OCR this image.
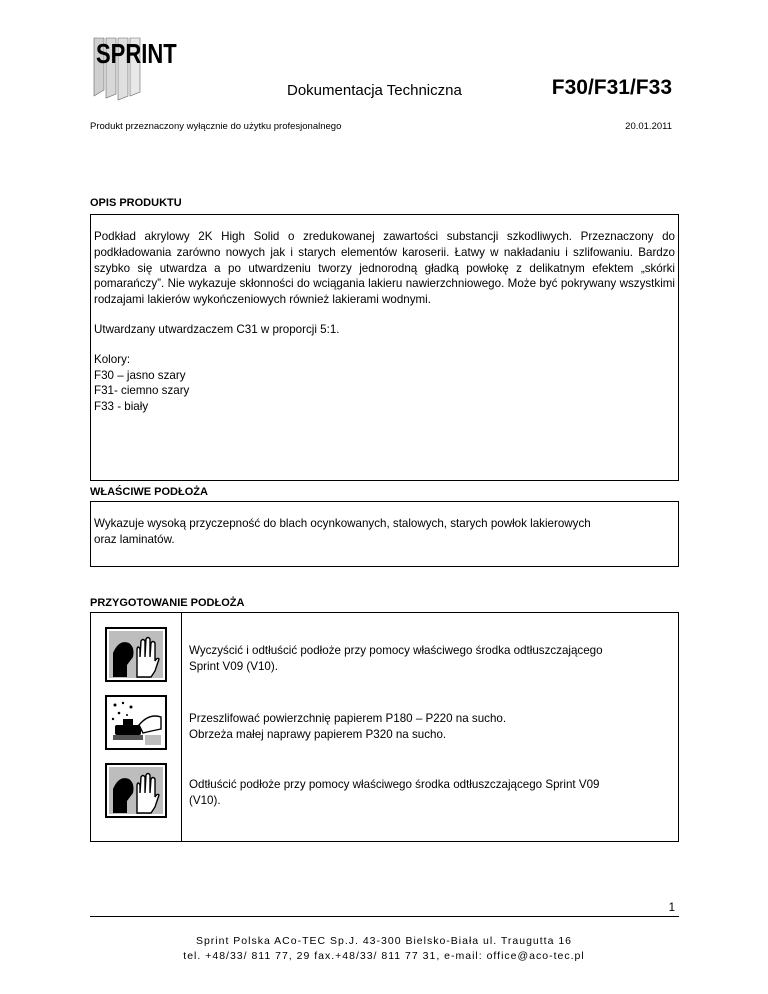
SPRINT
Dokumentacja Techniczna	F30/F31/F33
Produkt przeznaczony wyłącznie do użytku profesjonalnego	20.01.2011
OPIS PRODUKTU

Podkład akrylowy 2K High Solid o zredukowanej zawartości substancji szkodliwych. Przeznaczony do podkładowania zarówno nowych jak i starych elementów karoserii. Łatwy w nakładaniu i szlifowaniu. Bardzo szybko się utwardza a po utwardzeniu tworzy jednorodną gładką powłokę z delikatnym efektem „skórki pomarańczy”. Nie wykazuje skłonności do wciągania lakieru nawierzchniowego. Może być pokrywany wszystkimi rodzajami lakierów wykończeniowych również lakierami wodnymi.

Utwardzany utwardzaczem C31 w proporcji 5:1.

Kolory:

F30 – jasno szary

F31- ciemno szary

F33 - biały

WŁAŚCIWE PODŁOŻA

Wykazuje wysoką przyczepność do blach ocynkowanych, stalowych, starych powłok lakierowych

oraz laminatów.

PRZYGOTOWANIE PODŁOŻA

Wyczyścić i odtłuścić podłoże przy pomocy właściwego środka odtłuszczającego

Sprint V09 (V10).

Przeszlifować powierzchnię papierem P180 – P220 na sucho.

Obrzeża małej naprawy papierem P320 na sucho.

Odtłuścić podłoże przy pomocy właściwego środka odtłuszczającego Sprint V09

(V10).

1
Sprint Polska ACo-TEC Sp.J. 43-300 Bielsko-Biała ul. Traugutta 16
tel. +48/33/ 811 77, 29 fax.+48/33/ 811 77 31, e-mail: office@aco-tec.pl
